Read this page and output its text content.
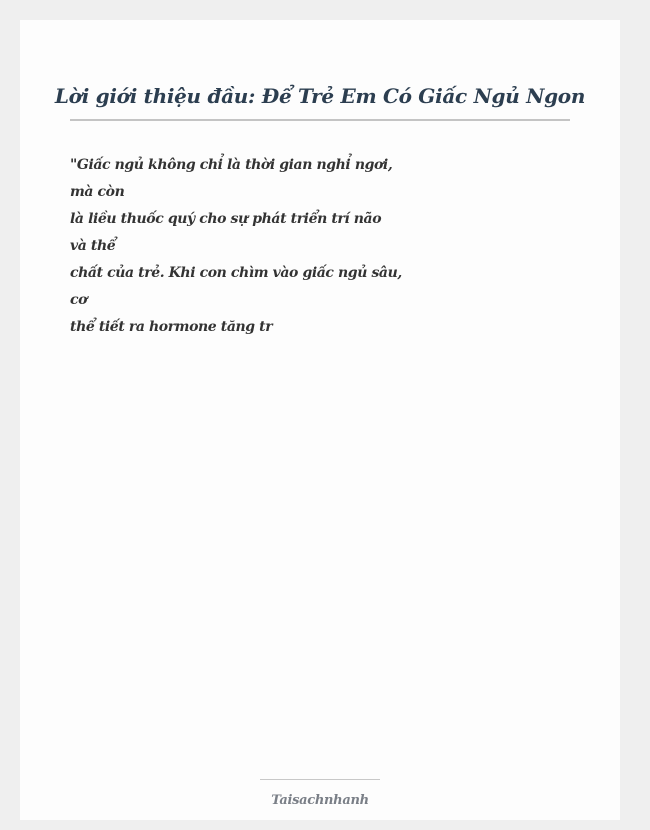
Lời giới thiệu đầu: Để Trẻ Em Có Giấc Ngủ Ngon
"Giấc ngủ không chỉ là thời gian nghỉ ngơi,
mà còn
là liều thuốc quý cho sự phát triển trí não
và thể
chất của trẻ. Khi con chìm vào giấc ngủ sâu,
cơ
thể tiết ra hormone tăng tr
Taisachnhanh
